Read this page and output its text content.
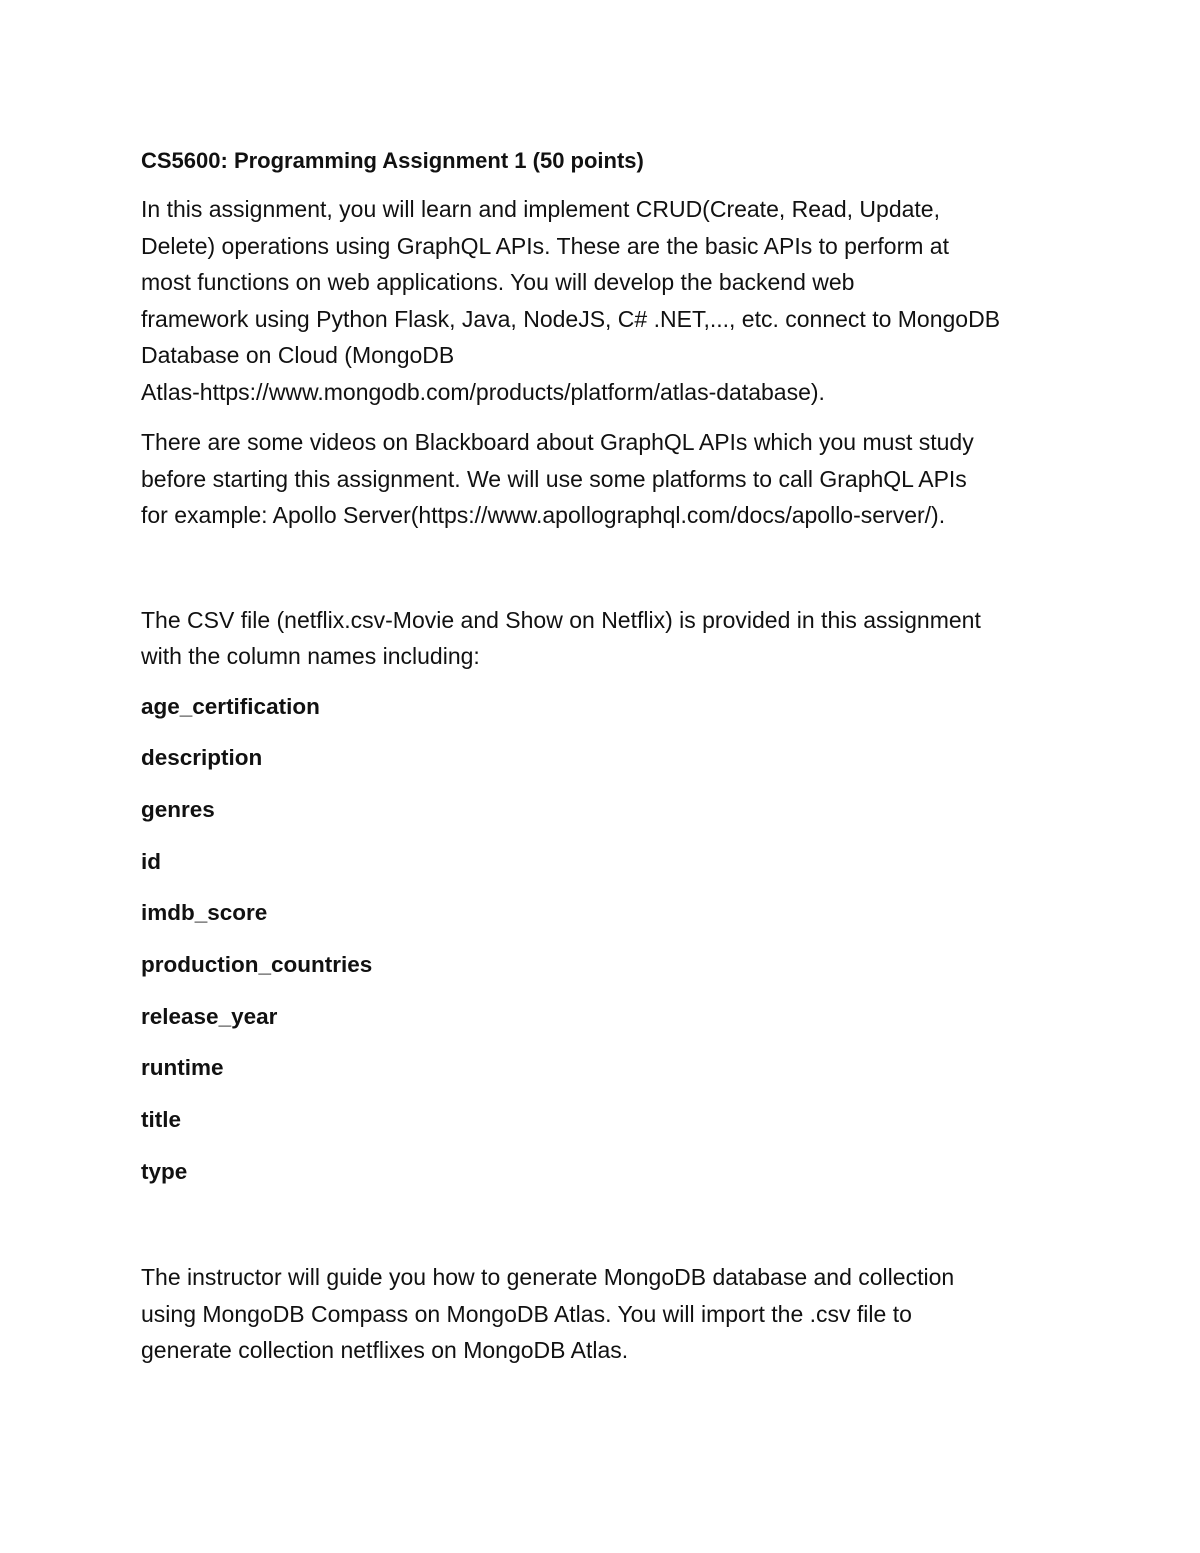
CS5600: Programming Assignment 1 (50 points)

In this assignment, you will learn and implement CRUD(Create, Read, Update,
Delete) operations using GraphQL APIs. These are the basic APIs to perform at
most functions on web applications. You will develop the backend web
framework using Python Flask, Java, NodeJS, C# .NET,..., etc. connect to MongoDB
Database on Cloud (MongoDB
Atlas-https://www.mongodb.com/products/platform/atlas-database).

There are some videos on Blackboard about GraphQL APIs which you must study
before starting this assignment. We will use some platforms to call GraphQL APIs
for example: Apollo Server(https://www.apollographql.com/docs/apollo-server/).

The CSV file (netflix.csv-Movie and Show on Netflix) is provided in this assignment
with the column names including:

age_certification
description
genres
id
imdb_score
production_countries
release_year
runtime
title
type

The instructor will guide you how to generate MongoDB database and collection
using MongoDB Compass on MongoDB Atlas. You will import the .csv file to
generate collection netflixes on MongoDB Atlas.
